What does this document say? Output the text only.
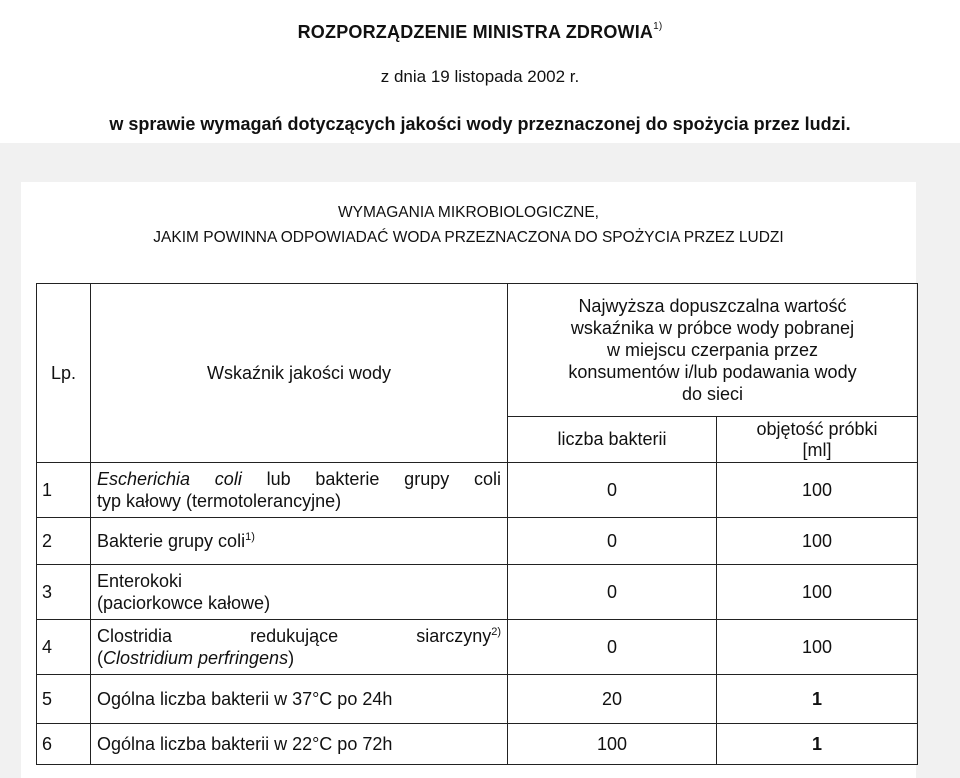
ROZPORZĄDZENIE MINISTRA ZDROWIA$^{1)}$
z dnia 19 listopada 2002 r.
w sprawie wymagań dotyczących jakości wody przeznaczonej do spożycia przez ludzi.
WYMAGANIA MIKROBIOLOGICZNE,
JAKIM POWINNA ODPOWIADAĆ WODA PRZEZNACZONA DO SPOŻYCIA PRZEZ LUDZI
Lp.	Wskaźnik jakości wody	Najwyższa dopuszczalna wartość
wskaźnika w próbce wody pobranej
w miejscu czerpania przez
konsumentów i/lub podawania wody
do sieci	

		liczba bakterii	objętość próbki
[ml]

1	Escherichia coli lub bakterie grupy coli
typ kałowy (termotolerancyjne)	0	100
2	Bakterie grupy coli$^{1)}$	0	100
3	Enterokoki
(paciorkowce kałowe)	0	100
4	Clostridia redukujące siarczyny$^{2)}$
(Clostridium perfringens)	0	100
5	Ogólna liczba bakterii w 37°C po 24h	20	1
6	Ogólna liczba bakterii w 22°C po 72h	100	1
